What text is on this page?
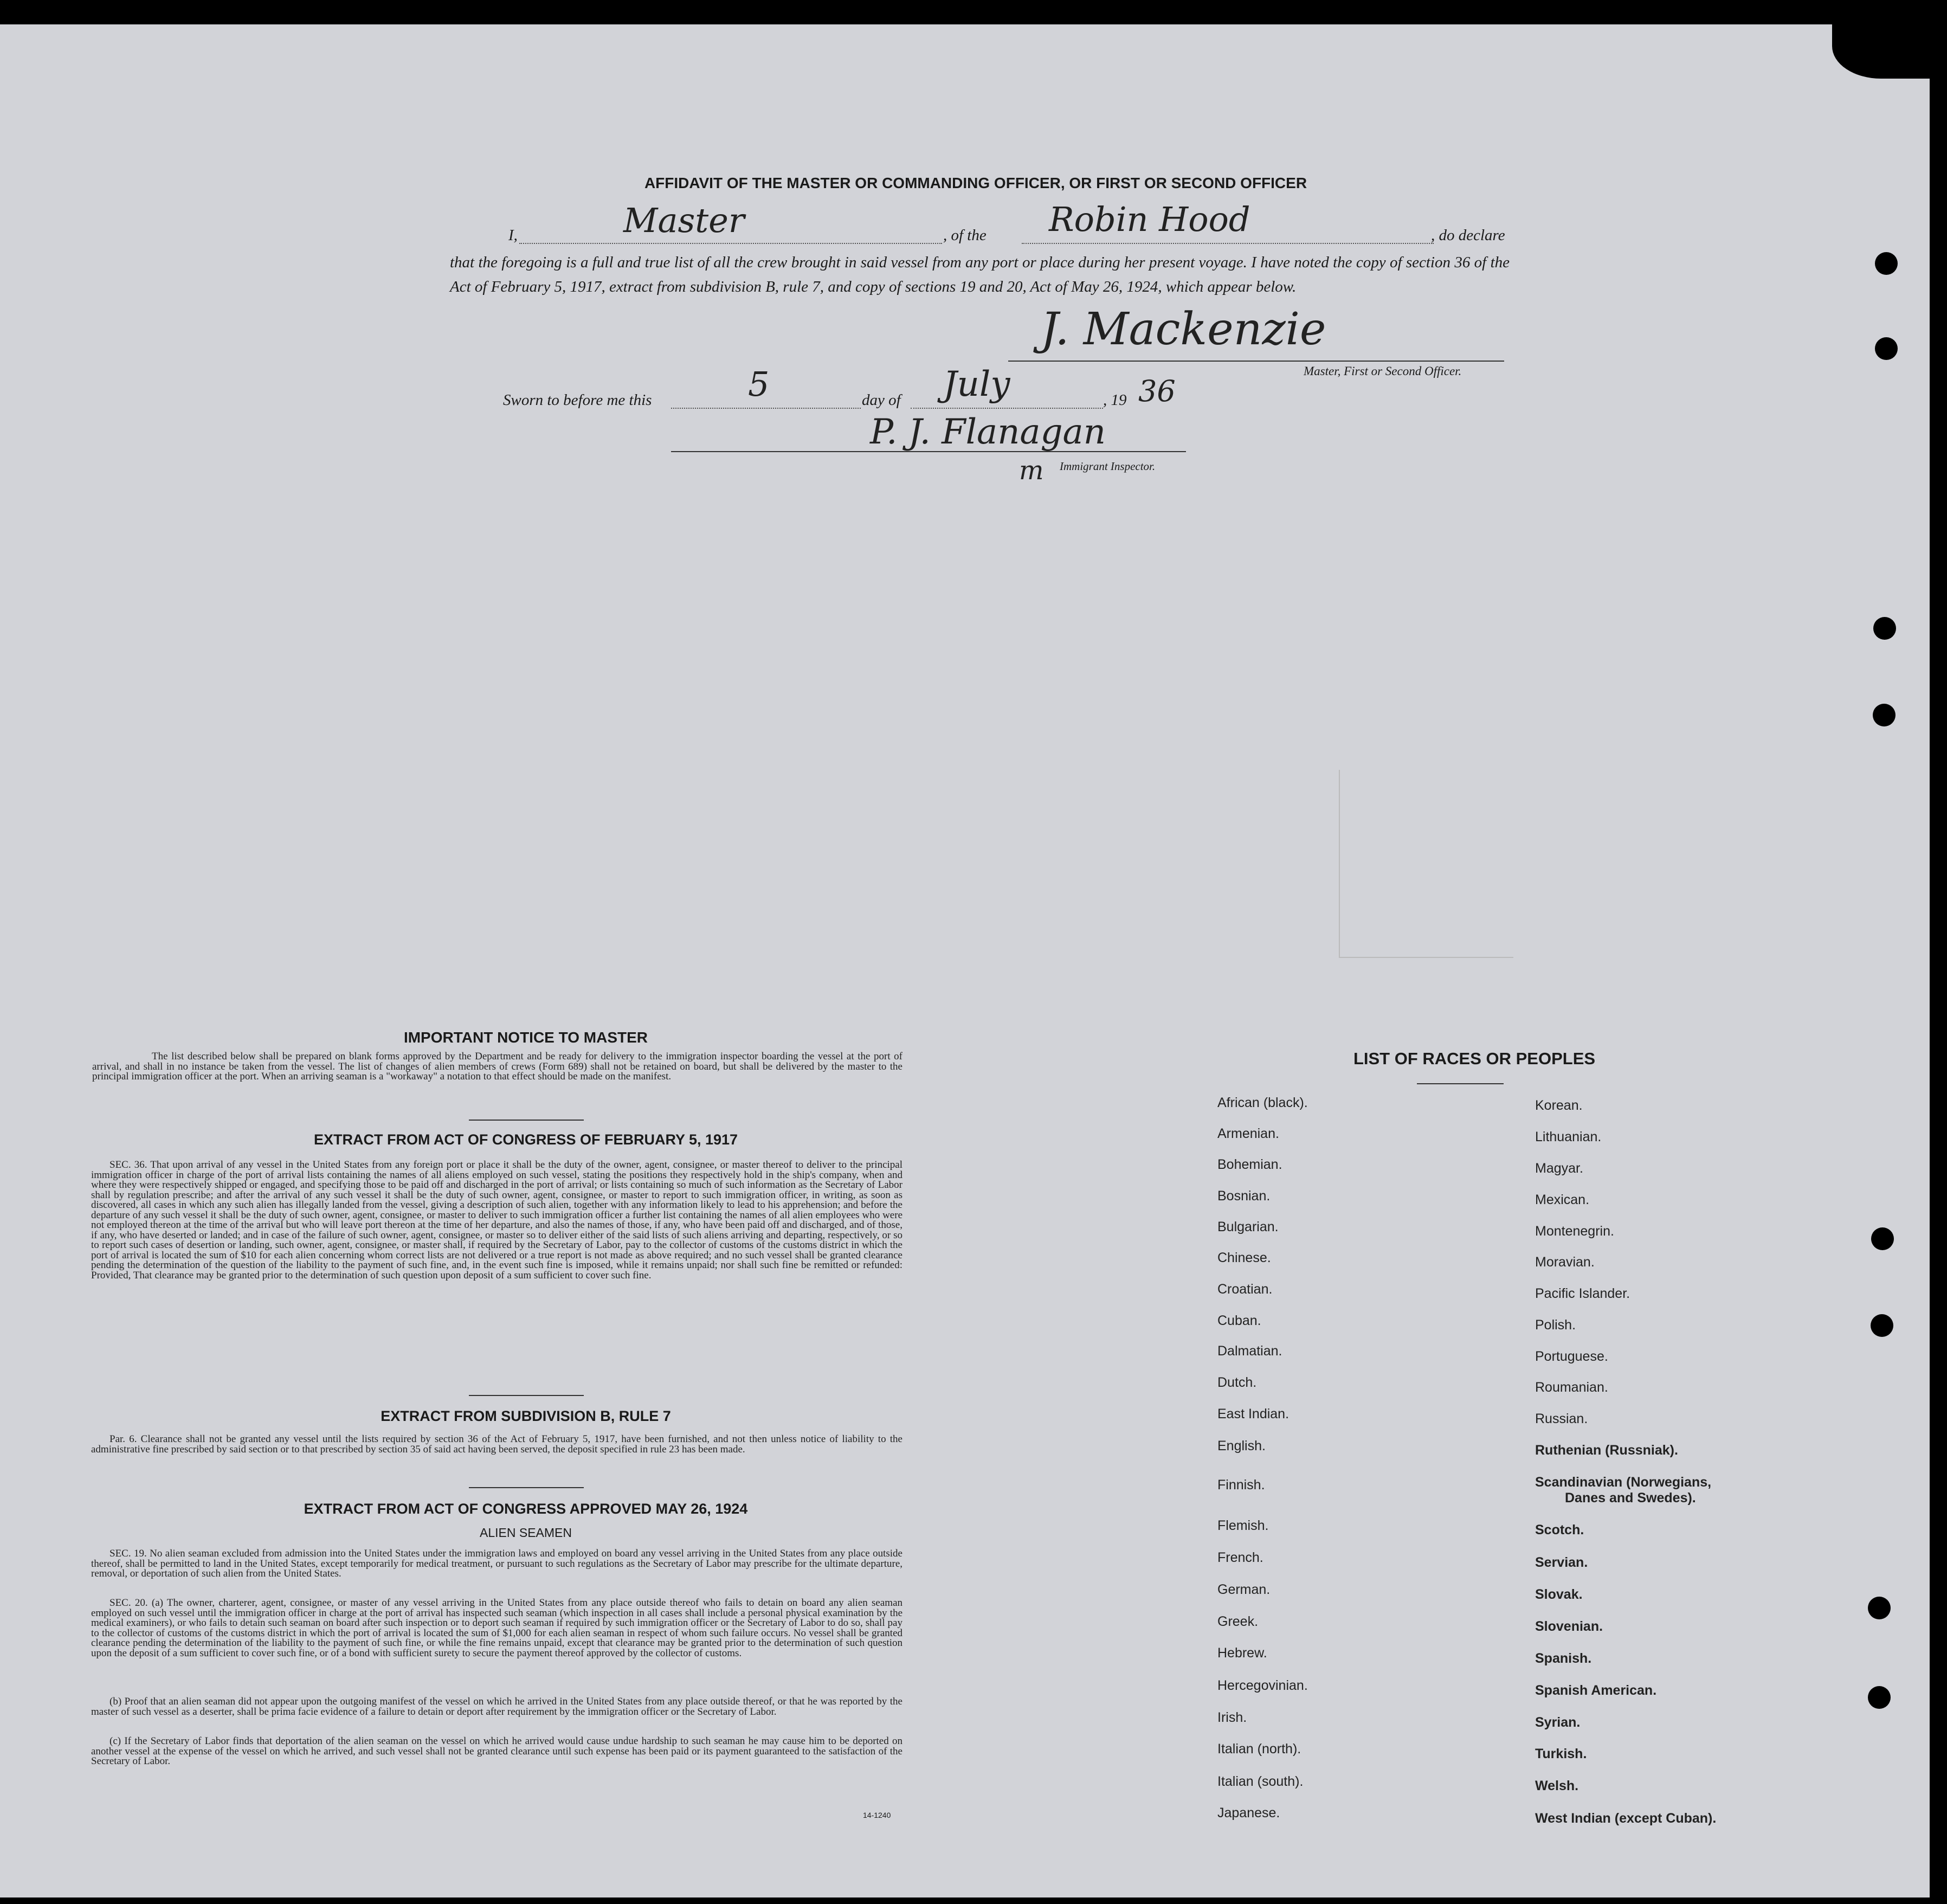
AFFIDAVIT OF THE MASTER OR COMMANDING OFFICER, OR FIRST OR SECOND OFFICER
I,	Master	, of the Robin Hood	, do declare
that the foregoing is a full and true list of all the crew brought in said vessel from any port or place during her present voyage. I have noted the copy of section 36 of the Act of February 5, 1917, extract from subdivision B, rule 7, and copy of sections 19 and 20, Act of May 26, 1924, which appear below.
J. Mackenzie
Master, First or Second Officer.
Sworn to before me this	5	day of July	, 19 36
P. J. Flanagan
m Immigrant Inspector.
IMPORTANT NOTICE TO MASTER
The list described below shall be prepared on blank forms approved by the Department and be ready for delivery to the immigration inspector boarding the vessel at the port of arrival, and shall in no instance be taken from the vessel. The list of changes of alien members of crews (Form 689) shall not be retained on board, but shall be delivered by the master to the principal immigration officer at the port. When an arriving seaman is a "workaway" a notation to that effect should be made on the manifest.
EXTRACT FROM ACT OF CONGRESS OF FEBRUARY 5, 1917
SEC. 36. That upon arrival of any vessel in the United States from any foreign port or place it shall be the duty of the owner, agent, consignee, or master thereof to deliver to the principal immigration officer in charge of the port of arrival lists containing the names of all aliens employed on such vessel, stating the positions they respectively hold in the ship's company, when and where they were respectively shipped or engaged, and specifying those to be paid off and discharged in the port of arrival; or lists containing so much of such information as the Secretary of Labor shall by regulation prescribe; and after the arrival of any such vessel it shall be the duty of such owner, agent, consignee, or master to report to such immigration officer, in writing, as soon as discovered, all cases in which any such alien has illegally landed from the vessel, giving a description of such alien, together with any information likely to lead to his apprehension; and before the departure of any such vessel it shall be the duty of such owner, agent, consignee, or master to deliver to such immigration officer a further list containing the names of all alien employees who were not employed thereon at the time of the arrival but who will leave port thereon at the time of her departure, and also the names of those, if any, who have been paid off and discharged, and of those, if any, who have deserted or landed; and in case of the failure of such owner, agent, consignee, or master so to deliver either of the said lists of such aliens arriving and departing, respectively, or so to report such cases of desertion or landing, such owner, agent, consignee, or master shall, if required by the Secretary of Labor, pay to the collector of customs of the customs district in which the port of arrival is located the sum of $10 for each alien concerning whom correct lists are not delivered or a true report is not made as above required; and no such vessel shall be granted clearance pending the determination of the question of the liability to the payment of such fine, and, in the event such fine is imposed, while it remains unpaid; nor shall such fine be remitted or refunded: Provided, That clearance may be granted prior to the determination of such question upon deposit of a sum sufficient to cover such fine.
EXTRACT FROM SUBDIVISION B, RULE 7
Par. 6. Clearance shall not be granted any vessel until the lists required by section 36 of the Act of February 5, 1917, have been furnished, and not then unless notice of liability to the administrative fine prescribed by said section or to that prescribed by section 35 of said act having been served, the deposit specified in rule 23 has been made.
EXTRACT FROM ACT OF CONGRESS APPROVED MAY 26, 1924
ALIEN SEAMEN
SEC. 19. No alien seaman excluded from admission into the United States under the immigration laws and employed on board any vessel arriving in the United States from any place outside thereof, shall be permitted to land in the United States, except temporarily for medical treatment, or pursuant to such regulations as the Secretary of Labor may prescribe for the ultimate departure, removal, or deportation of such alien from the United States.
SEC. 20. (a) The owner, charterer, agent, consignee, or master of any vessel arriving in the United States from any place outside thereof who fails to detain on board any alien seaman employed on such vessel until the immigration officer in charge at the port of arrival has inspected such seaman (which inspection in all cases shall include a personal physical examination by the medical examiners), or who fails to detain such seaman on board after such inspection or to deport such seaman if required by such immigration officer or the Secretary of Labor to do so, shall pay to the collector of customs of the customs district in which the port of arrival is located the sum of $1,000 for each alien seaman in respect of whom such failure occurs. No vessel shall be granted clearance pending the determination of the liability to the payment of such fine, or while the fine remains unpaid, except that clearance may be granted prior to the determination of such question upon the deposit of a sum sufficient to cover such fine, or of a bond with sufficient surety to secure the payment thereof approved by the collector of customs.
(b) Proof that an alien seaman did not appear upon the outgoing manifest of the vessel on which he arrived in the United States from any place outside thereof, or that he was reported by the master of such vessel as a deserter, shall be prima facie evidence of a failure to detain or deport after requirement by the immigration officer or the Secretary of Labor.
(c) If the Secretary of Labor finds that deportation of the alien seaman on the vessel on which he arrived would cause undue hardship to such seaman he may cause him to be deported on another vessel at the expense of the vessel on which he arrived, and such vessel shall not be granted clearance until such expense has been paid or its payment guaranteed to the satisfaction of the Secretary of Labor.
14-1240
LIST OF RACES OR PEOPLES
African (black).
Armenian.
Bohemian.
Bosnian.
Bulgarian.
Chinese.
Croatian.
Cuban.
Dalmatian.
Dutch.
East Indian.
English.
Finnish.
Flemish.
French.
German.
Greek.
Hebrew.
Hercegovinian.
Irish.
Italian (north).
Italian (south).
Japanese.
Korean.
Lithuanian.
Magyar.
Mexican.
Montenegrin.
Moravian.
Pacific Islander.
Polish.
Portuguese.
Roumanian.
Russian.
Ruthenian (Russniak).
Scandinavian (Norwegians,
Danes and Swedes).
Scotch.
Servian.
Slovak.
Slovenian.
Spanish.
Spanish American.
Syrian.
Turkish.
Welsh.
West Indian (except Cuban).
